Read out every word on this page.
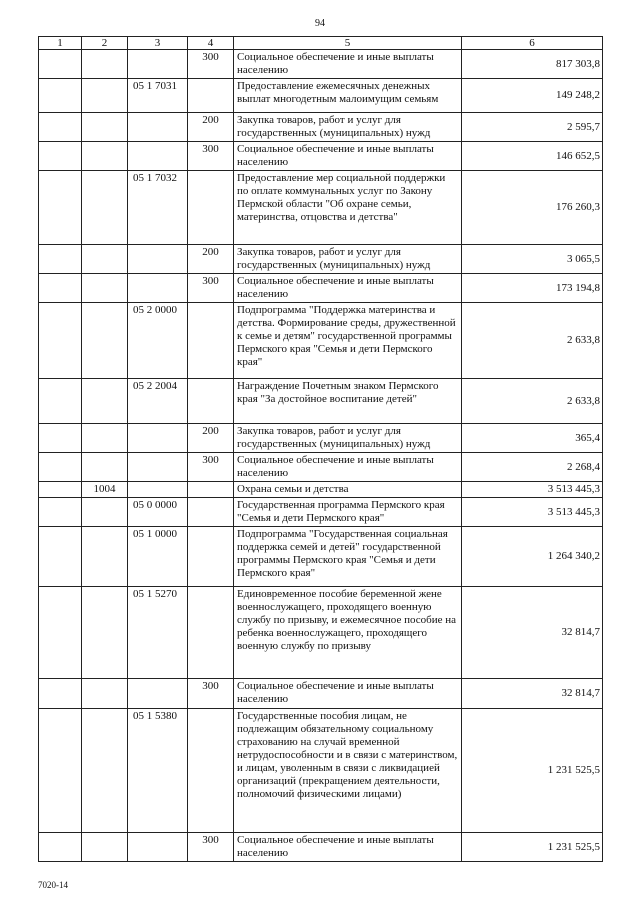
94
1	2	3	4	5	6
			300	Социальное обеспечение и иные выплаты населению	817 303,8
		05 1 7031		Предоставление ежемесячных денежных выплат многодетным малоимущим семьям	149 248,2
			200	Закупка товаров, работ и услуг для государственных (муниципальных) нужд	2 595,7
			300	Социальное обеспечение и иные выплаты населению	146 652,5
		05 1 7032		Предоставление мер социальной поддержки по оплате коммунальных услуг по Закону Пермской области "Об охране семьи, материнства, отцовства и детства"	176 260,3
			200	Закупка товаров, работ и услуг для государственных (муниципальных) нужд	3 065,5
			300	Социальное обеспечение и иные выплаты населению	173 194,8
		05 2 0000		Подпрограмма "Поддержка материнства и детства. Формирование среды, дружественной к семье и детям" государственной программы Пермского края "Семья и дети Пермского края"	2 633,8
		05 2 2004		Награждение Почетным знаком Пермского края "За достойное воспитание детей"	2 633,8
			200	Закупка товаров, работ и услуг для государственных (муниципальных) нужд	365,4
			300	Социальное обеспечение и иные выплаты населению	2 268,4
	1004			Охрана семьи и детства	3 513 445,3
		05 0 0000		Государственная программа Пермского края "Семья и дети Пермского края"	3 513 445,3
		05 1 0000		Подпрограмма "Государственная социальная поддержка семей и детей" государственной программы Пермского края "Семья и дети Пермского края"	1 264 340,2
		05 1 5270		Единовременное пособие беременной жене военнослужащего, проходящего военную службу по призыву, и ежемесячное пособие на ребенка военнослужащего, проходящего военную службу по призыву	32 814,7
			300	Социальное обеспечение и иные выплаты населению	32 814,7
		05 1 5380		Государственные пособия лицам, не подлежащим обязательному социальному страхованию на случай временной нетрудоспособности и в связи с материнством, и лицам, уволенным в связи с ликвидацией организаций (прекращением деятельности, полномочий физическими лицами)	1 231 525,5
			300	Социальное обеспечение и иные выплаты населению	1 231 525,5
7020-14
